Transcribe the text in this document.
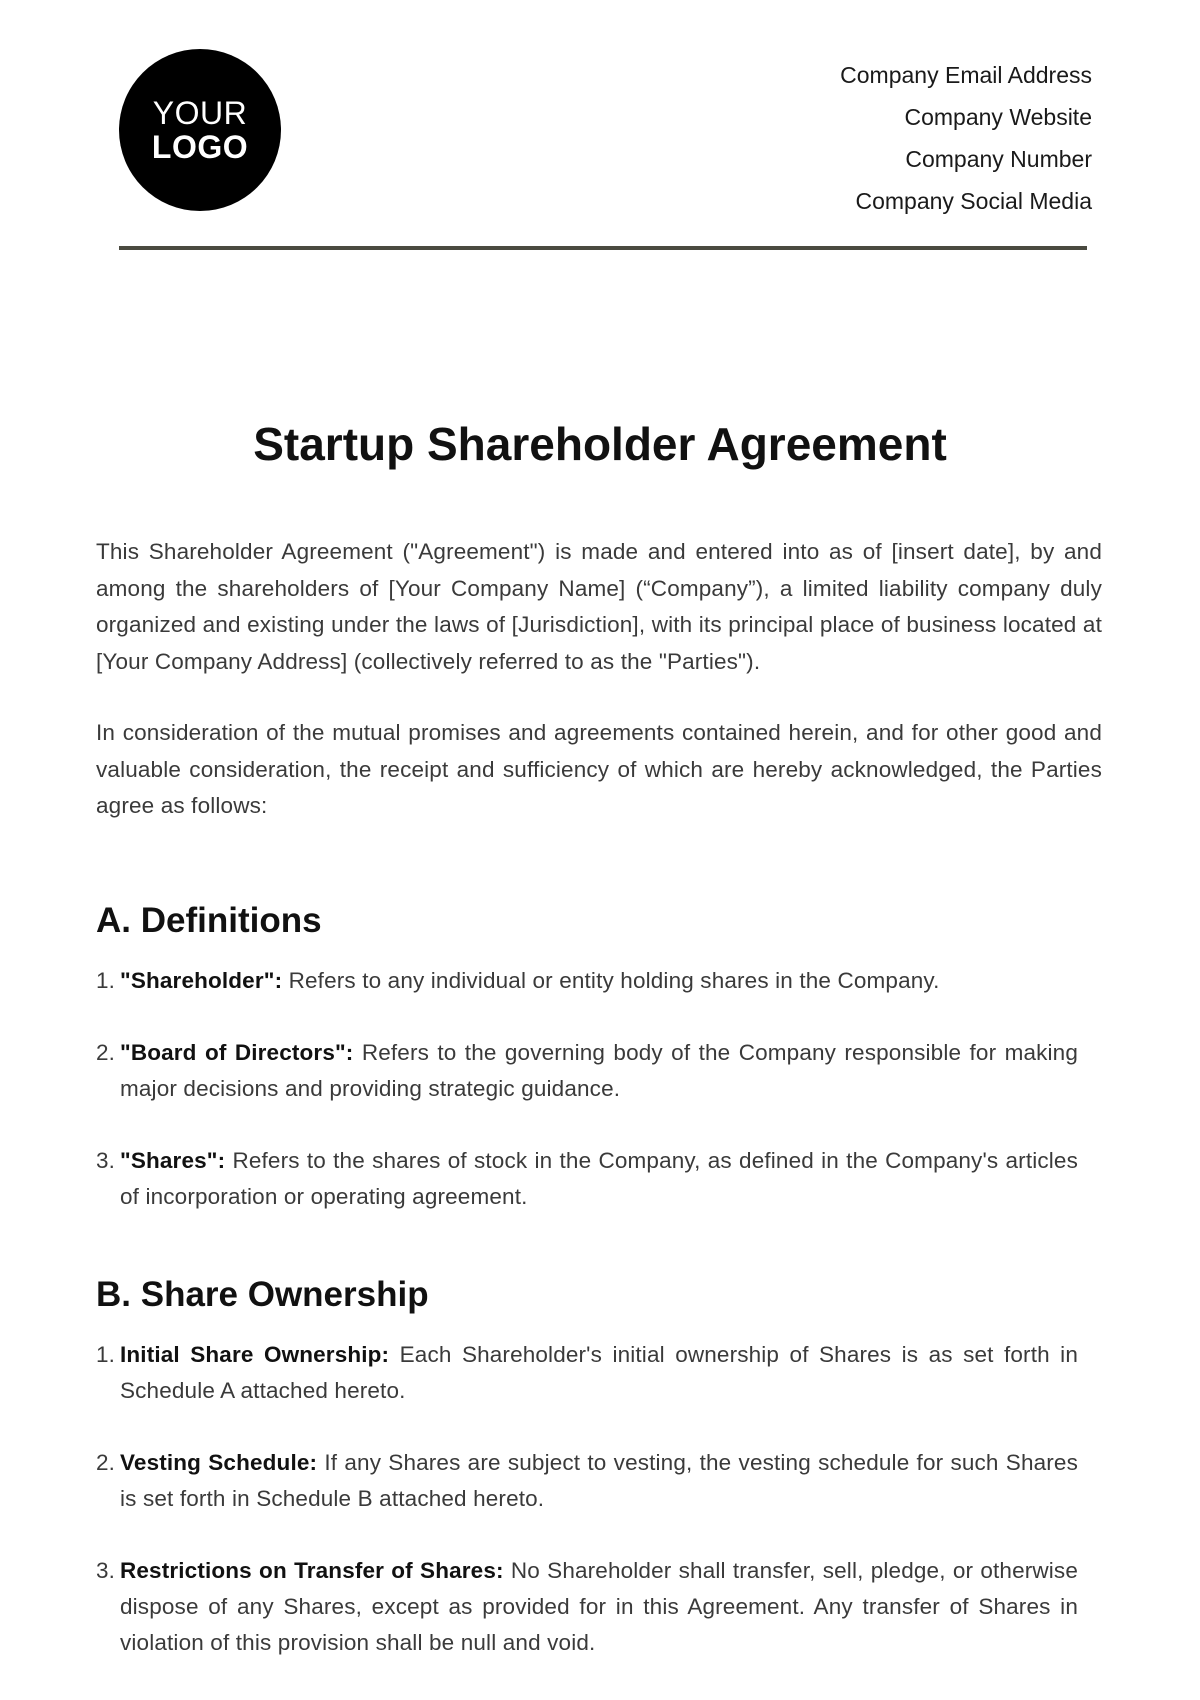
YOUR
LOGO
Company Email Address
Company Website
Company Number
Company Social Media
Startup Shareholder Agreement

This Shareholder Agreement ("Agreement") is made and entered into as of [insert date], by and among the shareholders of [Your Company Name] (“Company”), a limited liability company duly organized and existing under the laws of [Jurisdiction], with its principal place of business located at [Your Company Address] (collectively referred to as the "Parties").

In consideration of the mutual promises and agreements contained herein, and for other good and valuable consideration, the receipt and sufficiency of which are hereby acknowledged, the Parties agree as follows:

A. Definitions
1. "Shareholder": Refers to any individual or entity holding shares in the Company.
2. "Board of Directors": Refers to the governing body of the Company responsible for making major decisions and providing strategic guidance.
3. "Shares": Refers to the shares of stock in the Company, as defined in the Company's articles of incorporation or operating agreement.
B. Share Ownership
1. Initial Share Ownership: Each Shareholder's initial ownership of Shares is as set forth in Schedule A attached hereto.
2. Vesting Schedule: If any Shares are subject to vesting, the vesting schedule for such Shares is set forth in Schedule B attached hereto.
3. Restrictions on Transfer of Shares: No Shareholder shall transfer, sell, pledge, or otherwise dispose of any Shares, except as provided for in this Agreement. Any transfer of Shares in violation of this provision shall be null and void.
